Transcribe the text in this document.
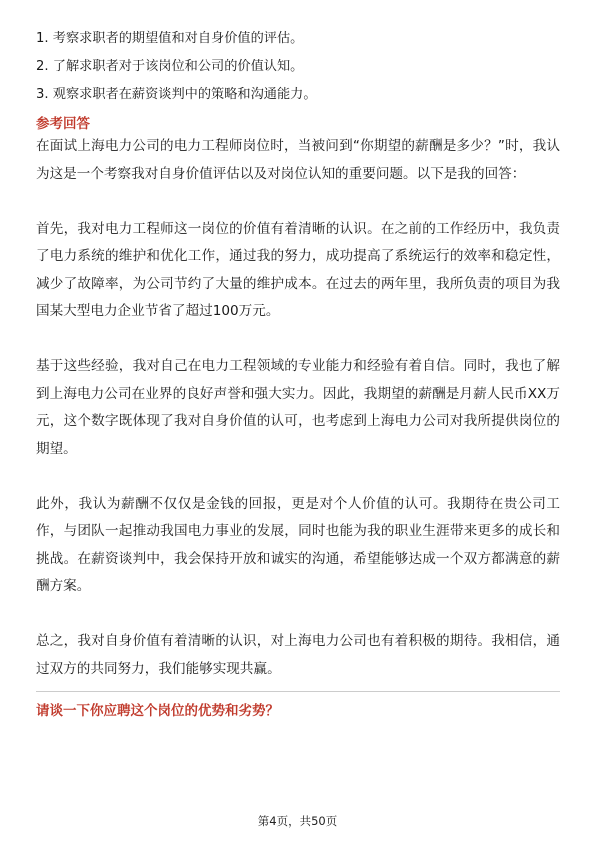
1. 考察求职者的期望值和对自身价值的评估。
2. 了解求职者对于该岗位和公司的价值认知。
3. 观察求职者在薪资谈判中的策略和沟通能力。
参考回答

在面试上海电力公司的电力工程师岗位时，当被问到“你期望的薪酬是多少？”时，我认为这是一个考察我对自身价值评估以及对岗位认知的重要问题。以下是我的回答：

首先，我对电力工程师这一岗位的价值有着清晰的认识。在之前的工作经历中，我负责了电力系统的维护和优化工作，通过我的努力，成功提高了系统运行的效率和稳定性，减少了故障率，为公司节约了大量的维护成本。在过去的两年里，我所负责的项目为我国某大型电力企业节省了超过100万元。

基于这些经验，我对自己在电力工程领域的专业能力和经验有着自信。同时，我也了解到上海电力公司在业界的良好声誉和强大实力。因此，我期望的薪酬是月薪人民币XX万元，这个数字既体现了我对自身价值的认可，也考虑到上海电力公司对我所提供岗位的期望。

此外，我认为薪酬不仅仅是金钱的回报，更是对个人价值的认可。我期待在贵公司工作，与团队一起推动我国电力事业的发展，同时也能为我的职业生涯带来更多的成长和挑战。在薪资谈判中，我会保持开放和诚实的沟通，希望能够达成一个双方都满意的薪酬方案。

总之，我对自身价值有着清晰的认识，对上海电力公司也有着积极的期待。我相信，通过双方的共同努力，我们能够实现共赢。

请谈一下你应聘这个岗位的优势和劣势？
第4页，共50页
